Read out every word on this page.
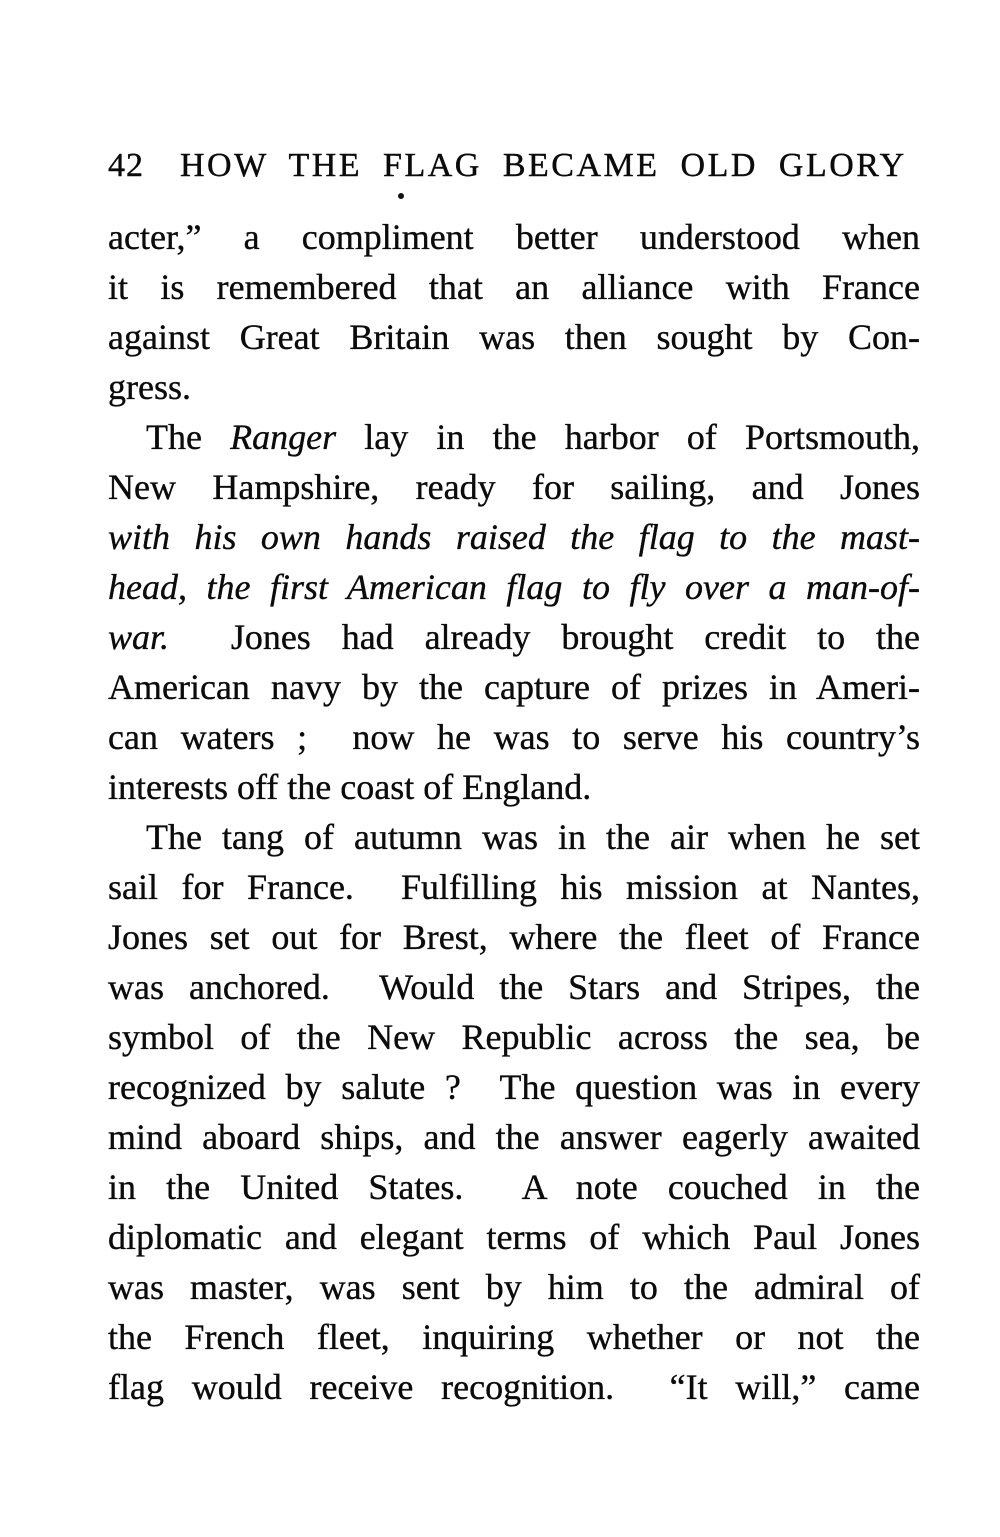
42 HOW THE FLAG BECAME OLD GLORY
acter,” a compliment better understood when
it is remembered that an alliance with France
against Great Britain was then sought by Con-
gress.
The Ranger lay in the harbor of Portsmouth,
New Hampshire, ready for sailing, and Jones
with his own hands raised the flag to the mast-
head, the first American flag to fly over a man-of-
war.  Jones had already brought credit to the
American navy by the capture of prizes in Ameri-
can waters ;  now he was to serve his country’s
interests off the coast of England.
The tang of autumn was in the air when he set
sail for France.  Fulfilling his mission at Nantes,
Jones set out for Brest, where the fleet of France
was anchored.  Would the Stars and Stripes, the
symbol of the New Republic across the sea, be
recognized by salute ?  The question was in every
mind aboard ships, and the answer eagerly awaited
in the United States.  A note couched in the
diplomatic and elegant terms of which Paul Jones
was master, was sent by him to the admiral of
the French fleet, inquiring whether or not the
flag would receive recognition.  “It will,” came
